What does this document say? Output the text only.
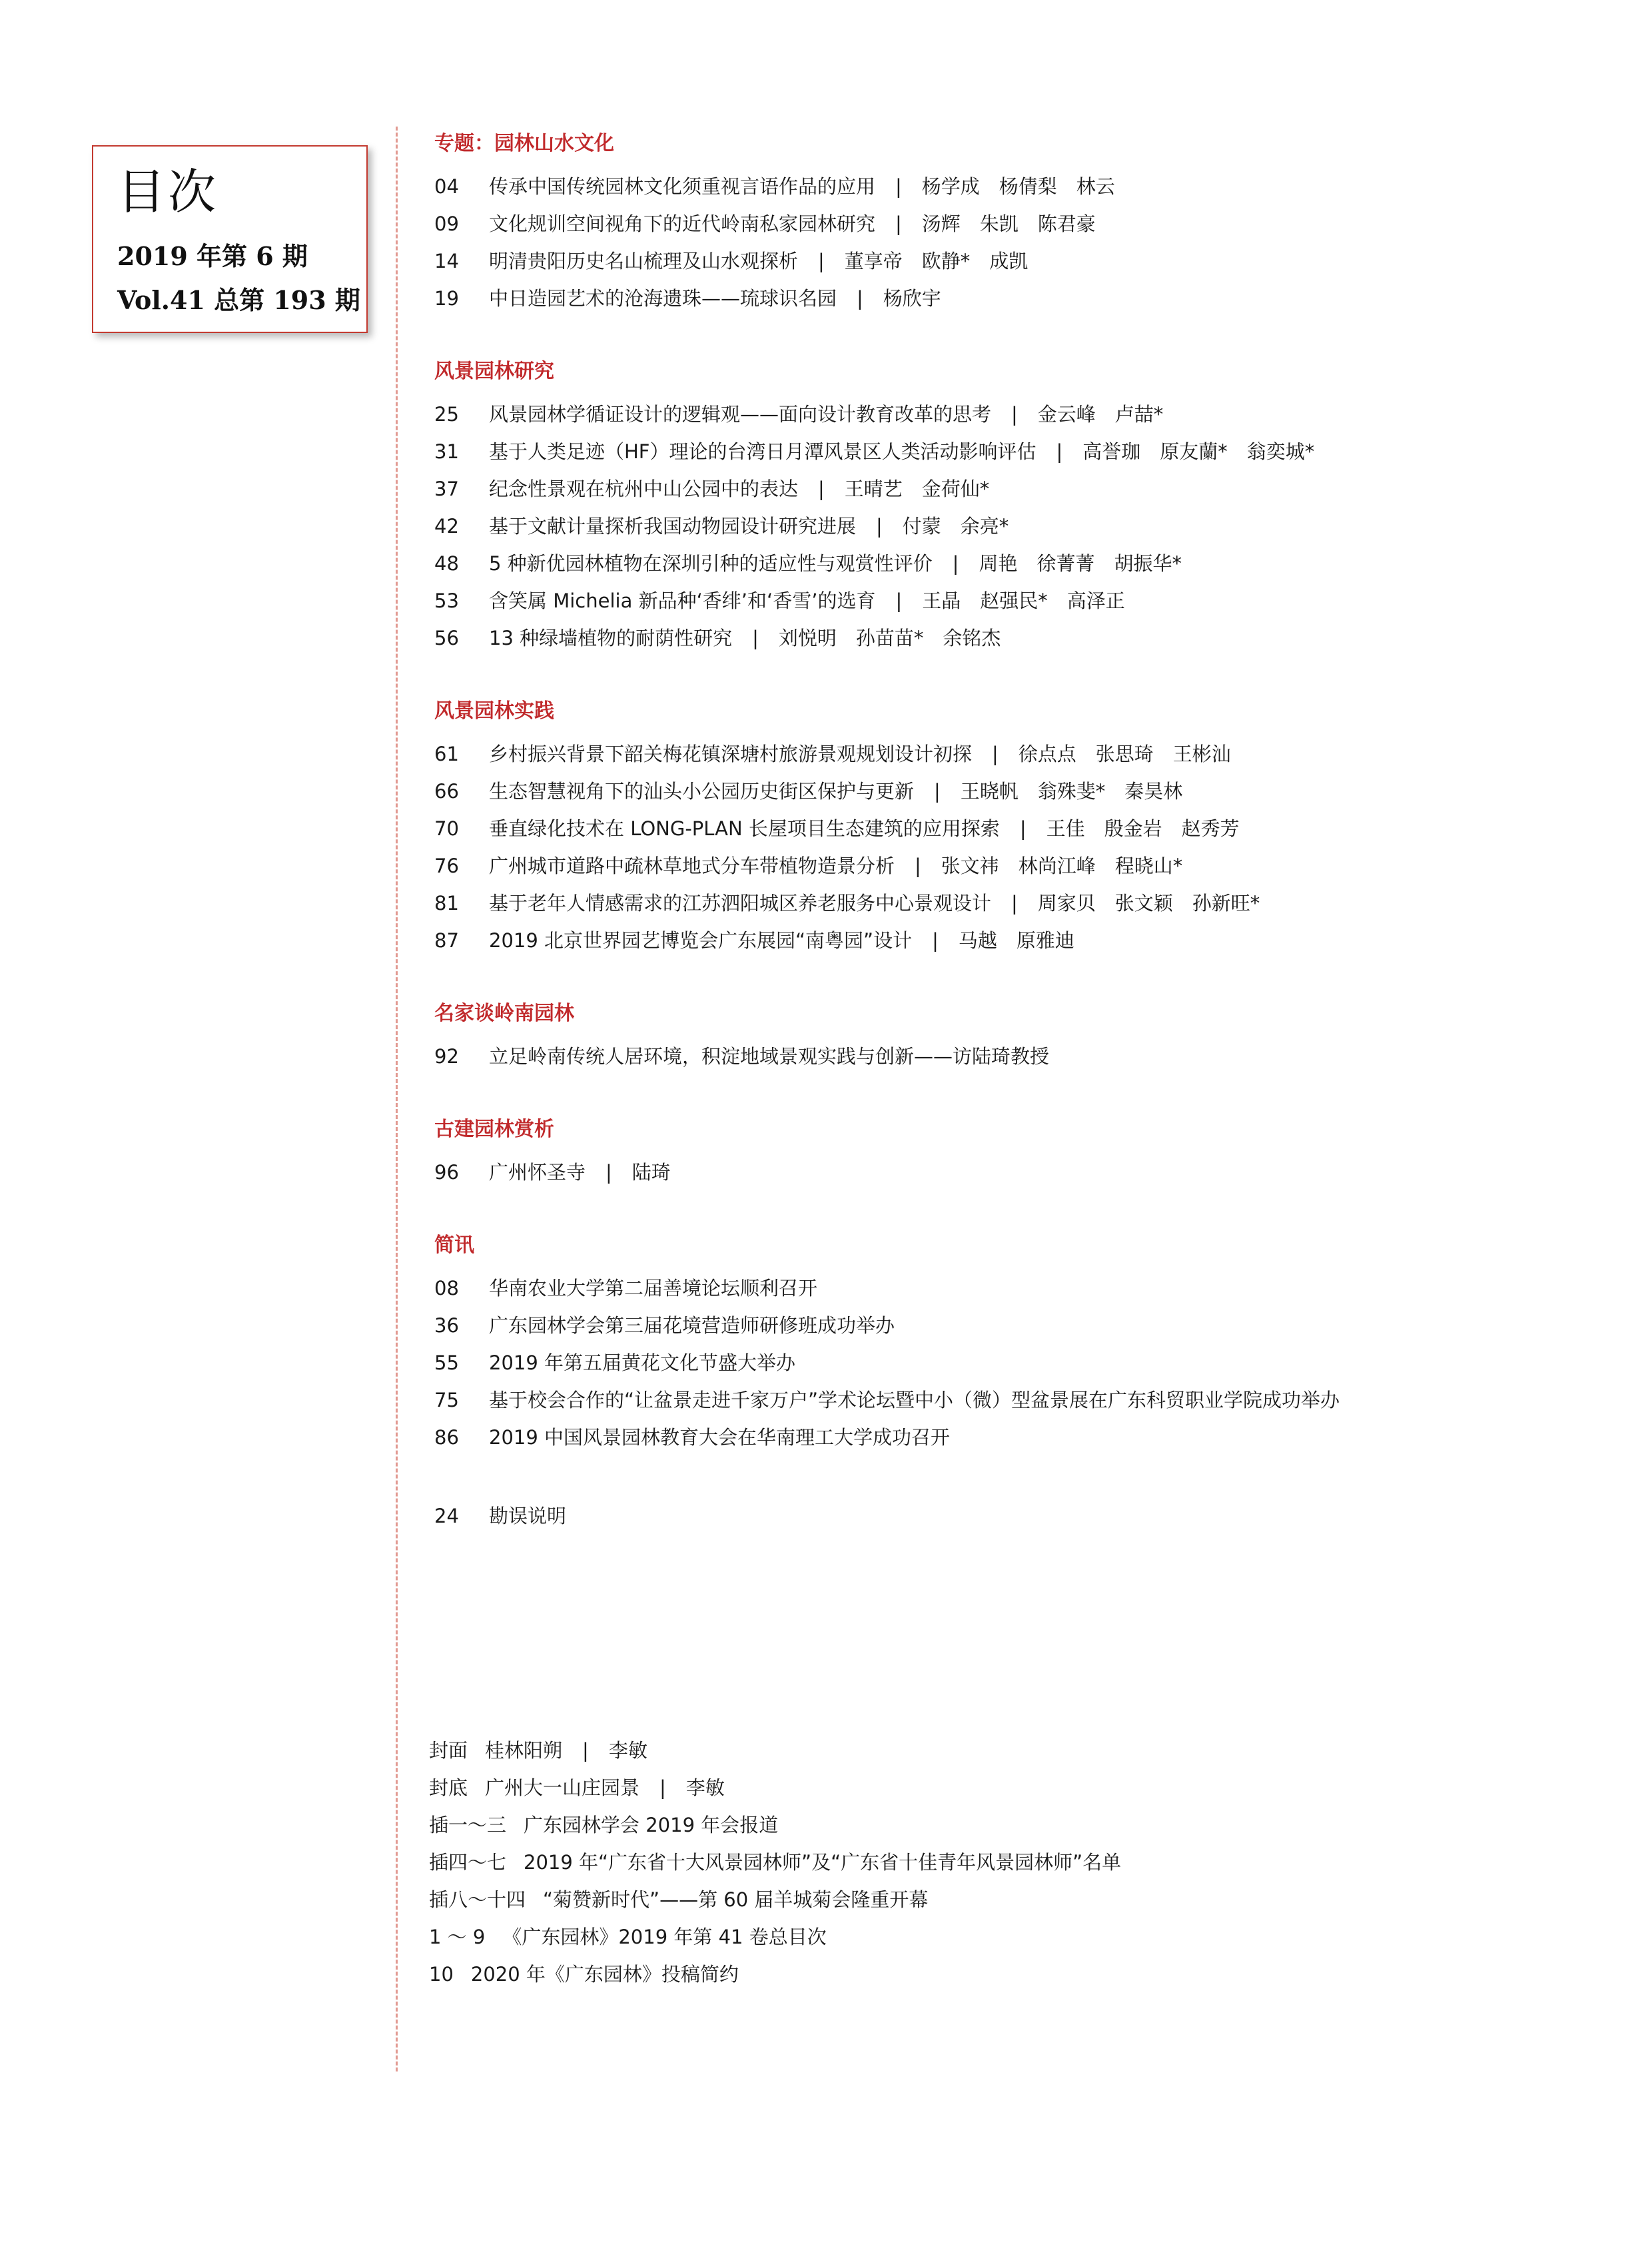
目次
2019 年第 6 期
Vol.41 总第 193 期
专题：园林山水文化
04	传承中国传统园林文化须重视言语作品的应用 | 杨学成　杨倩梨　林云
09	文化规训空间视角下的近代岭南私家园林研究 | 汤辉　朱凯　陈君豪
14	明清贵阳历史名山梳理及山水观探析 | 董享帝　欧静*　成凯
19	中日造园艺术的沧海遗珠——琉球识名园 | 杨欣宇
风景园林研究
25	风景园林学循证设计的逻辑观——面向设计教育改革的思考 | 金云峰　卢喆*
31	基于人类足迹（HF）理论的台湾日月潭风景区人类活动影响评估 | 高誉珈　原友蘭*　翁奕城*
37	纪念性景观在杭州中山公园中的表达 | 王晴艺　金荷仙*
42	基于文献计量探析我国动物园设计研究进展 | 付蒙　余亮*
48	5 种新优园林植物在深圳引种的适应性与观赏性评价 | 周艳　徐菁菁　胡振华*
53	含笑属 Michelia 新品种‘香绯’和‘香雪’的选育 | 王晶　赵强民*　高泽正
56	13 种绿墙植物的耐荫性研究 | 刘悦明　孙苗苗*　余铭杰
风景园林实践
61	乡村振兴背景下韶关梅花镇深塘村旅游景观规划设计初探 | 徐点点　张思琦　王彬汕
66	生态智慧视角下的汕头小公园历史街区保护与更新 | 王晓帆　翁殊斐*　秦昊林
70	垂直绿化技术在 LONG-PLAN 长屋项目生态建筑的应用探索 | 王佳　殷金岩　赵秀芳
76	广州城市道路中疏林草地式分车带植物造景分析 | 张文祎　林尚江峰　程晓山*
81	基于老年人情感需求的江苏泗阳城区养老服务中心景观设计 | 周家贝　张文颖　孙新旺*
87	2019 北京世界园艺博览会广东展园“南粤园”设计 | 马越　原雅迪
名家谈岭南园林
92	立足岭南传统人居环境，积淀地域景观实践与创新——访陆琦教授
古建园林赏析
96	广州怀圣寺 | 陆琦
简讯
08	华南农业大学第二届善境论坛顺利召开
36	广东园林学会第三届花境营造师研修班成功举办
55	2019 年第五届黄花文化节盛大举办
75	基于校会合作的“让盆景走进千家万户”学术论坛暨中小（微）型盆景展在广东科贸职业学院成功举办
86	2019 中国风景园林教育大会在华南理工大学成功召开
24	勘误说明
封面 桂林阳朔 | 李敏
封底 广州大一山庄园景 | 李敏
插一～三 广东园林学会 2019 年会报道
插四～七 2019 年“广东省十大风景园林师”及“广东省十佳青年风景园林师”名单
插八～十四 “菊赞新时代”——第 60 届羊城菊会隆重开幕
1 ～ 9 《广东园林》2019 年第 41 卷总目次
10 2020 年《广东园林》投稿简约
